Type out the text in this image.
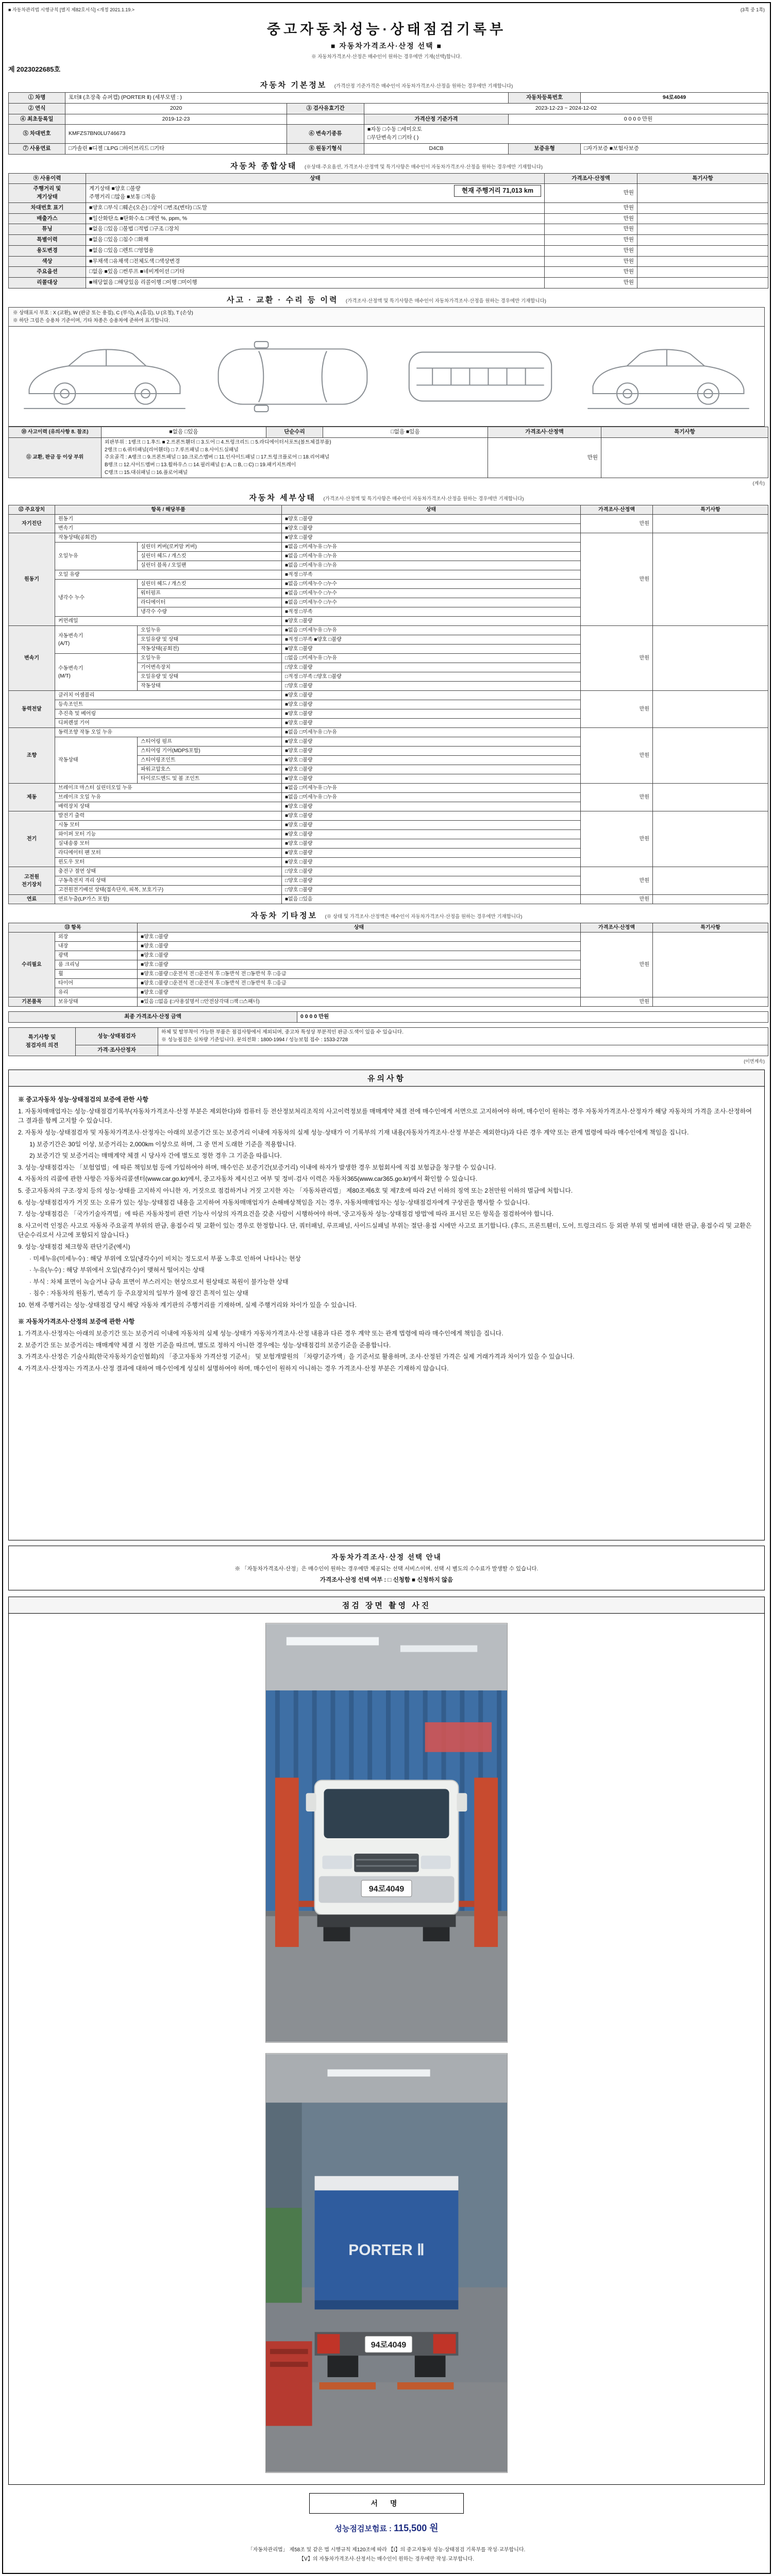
■ 자동차관리법 시행규칙 [별지 제82호서식] <개정 2021.1.19.>	(3쪽 중 1쪽)
중고자동차성능·상태점검기록부
■ 자동차가격조사·산정 선택 ■
※ 자동차가격조사·산정은 매수인이 원하는 경우에만 기재(선택)합니다.
제 2023022685호
자동차 기본정보 (가격산정 기준가격은 매수인이 자동차가격조사·산정을 원하는 경우에만 기재합니다)
① 차명	포터Ⅱ (초장축 슈퍼캡) (PORTER Ⅱ) (세부모델 : )			자동차등록번호	94로4049
② 연식	2020	③ 검사유효기간	2023-12-23 ~ 2024-12-02		
④ 최초등록일	2019-12-23		가격산정 기준가격	0 0 0 0 만원	
⑤ 차대번호	KMFZS7BN0LU746673	⑥ 변속기종류	■자동 □수동 □세미오토
□무단변속기 □기타 ( )		
⑦ 사용연료	□가솔린 ■디젤 □LPG □하이브리드 □기타	⑧ 원동기형식	D4CB	보증유형	□자가보증 ■보험사보증
자동차 종합상태 (※상태·주요옵션, 가격조사·산정액 및 특기사항은 매수인이 자동차가격조사·산정을 원하는 경우에만 기재합니다)
⑨ 사용이력	상태	가격조사·산정액	특기사항
주행거리 및
계기상태	현재 주행거리 71,013 km
계기상태 ■양호 □불량
주행거리 □많음 ■보통 □적음	만원	
차대번호 표기	■양호 □부식 □훼손(오손) □상이 □변조(변타) □도말	만원	
배출가스	■일산화탄소 ■탄화수소 □매연 %, ppm, %	만원	
튜닝	■없음 □있음 □불법 □적법 □구조 □장치	만원	
특별이력	■없음 □있음 □침수 □화재	만원	
용도변경	■없음 □있음 □렌트 □영업용	만원	
색상	■무채색 □유채색 □전체도색 □색상변경	만원	
주요옵션	□없음 ■있음 □썬루프 ■네비게이션 □기타	만원	
리콜대상	■해당없음 □해당있음 리콜이행 □이행 □미이행	만원	
사고 · 교환 · 수리 등 이력 (가격조사·산정액 및 특기사항은 매수인이 자동차가격조사·산정을 원하는 경우에만 기재합니다)
※ 상태표시 부호 : X (교환), W (판금 또는 용접), C (부식), A (흠집), U (요철), T (손상)
※ 하단 그림은 승용차 기준이며, 기타 차종은 승용차에 준하여 표기합니다.
⑩ 사고이력 (유의사항 8. 참조)	■없음 □있음	단순수리	□없음 ■있음	가격조사·산정액	특기사항
⑪ 교환, 판금 등 이상 부위	외판부위 : 1랭크 □ 1.후드 ■ 2.프론트휀더 □ 3.도어 □ 4.트렁크리드 □ 5.라디에이터서포트(볼트체결부품)
2랭크 □ 6.쿼터패널(리어휀더) □ 7.루프패널 □ 8.사이드실패널
주요골격 : A랭크 □ 9.프론트패널 □ 10.크로스멤버 □ 11.인사이드패널 □ 17.트렁크플로어 □ 18.리어패널
B랭크 □ 12.사이드멤버 □ 13.휠하우스 □ 14.필러패널 (□ A, □ B, □ C) □ 19.패키지트레이
C랭크 □ 15.대쉬패널 □ 16.플로어패널			만원	
(계속)
자동차 세부상태 (가격조사·산정액 및 특기사항은 매수인이 자동차가격조사·산정을 원하는 경우에만 기재합니다)
⑫ 주요장치	항목 / 해당부품		상태	가격조사·산정액	특기사항
자기진단	원동기		■양호 □불량	만원	
	변속기		■양호 □불량		
원동기	작동상태(공회전)		■양호 □불량	만원	
	오일누유	실린더 커버(로커암 커버)	■없음 □미세누유 □누유		
		실린더 헤드 / 개스킷	■없음 □미세누유 □누유		
		실린더 블록 / 오일팬	■없음 □미세누유 □누유		
	오일 유량		■적정 □부족		
	냉각수 누수	실린더 헤드 / 개스킷	■없음 □미세누수 □누수		
		워터펌프	■없음 □미세누수 □누수		
		라디에이터	■없음 □미세누수 □누수		
		냉각수 수량	■적정 □부족		
	커먼레일		■양호 □불량		
변속기	자동변속기
(A/T)	오일누유	■없음 □미세누유 □누유	만원	
		오일유량 및 상태	■적정 □부족 ■양호 □불량		
		작동상태(공회전)	■양호 □불량		
	수동변속기
(M/T)	오일누유	□없음 □미세누유 □누유		
		기어변속장치	□양호 □불량		
		오일유량 및 상태	□적정 □부족 □양호 □불량		
		작동상태	□양호 □불량		
동력전달	클러치 어셈블리		■양호 □불량	만원	
	등속조인트		■양호 □불량		
	추진축 및 베어링		■양호 □불량		
	디퍼렌셜 기어		■양호 □불량		
조향	동력조향 작동 오일 누유		■없음 □미세누유 □누유	만원	
	작동상태	스티어링 펌프	■양호 □불량		
		스티어링 기어(MDPS포함)	■양호 □불량		
		스티어링조인트	■양호 □불량		
		파워고압호스	■양호 □불량		
		타이로드엔드 및 볼 조인트	■양호 □불량		
제동	브레이크 마스터 실린더오일 누유		■없음 □미세누유 □누유	만원	
	브레이크 오일 누유		■없음 □미세누유 □누유		
	배력장치 상태		■양호 □불량		
전기	발전기 출력		■양호 □불량	만원	
	시동 모터		■양호 □불량		
	와이퍼 모터 기능		■양호 □불량		
	실내송풍 모터		■양호 □불량		
	라디에이터 팬 모터		■양호 □불량		
	윈도우 모터		■양호 □불량		
고전원
전기장치	충전구 절연 상태		□양호 □불량	만원	
	구동축전지 격리 상태		□양호 □불량		
	고전원전기배선 상태(접속단자, 피복, 보호기구)		□양호 □불량		
연료	연료누출(LP가스 포함)		■없음 □있음	만원	
자동차 기타정보 (※ 상태 및 가격조사·산정액은 매수인이 자동차가격조사·산정을 원하는 경우에만 기재합니다)
⑬ 항목		상태	가격조사·산정액	특기사항
수리필요	외장	■양호 □불량	만원	
	내장	■양호 □불량		
	광택	■양호 □불량		
	룸 크리닝	■양호 □불량		
	휠	■양호 □불량 □운전석 전 □운전석 후 □동반석 전 □동반석 후 □응급		
	타이어	■양호 □불량 □운전석 전 □운전석 후 □동반석 전 □동반석 후 □응급		
	유리	■양호 □불량		
기본품목	보유상태	■있음 □없음 (□사용설명서 □안전삼각대 □잭 □스패너)	만원	
최종 가격조사·산정 금액	0 0 0 0 만원
특기사항 및
점검자의 의견	성능·상태점검자	하체 및 탈부착이 가능한 부품은 점검사항에서 제외되며, 중고차 특성상 부분적인 판금·도색이 있을 수 있습니다.
※ 성능점검은 실차량 기준입니다. 문의전화 : 1800-1994 / 성능보험 접수 : 1533-2728
	가격·조사산정자	
(이면계속)
유의사항

※ 중고자동차 성능·상태점검의 보증에 관한 사항

1. 자동차매매업자는 성능·상태점검기록부(자동차가격조사·산정 부분은 제외한다)와 컴퓨터 등 전산정보처리조직의 사고이력정보를 매매계약 체결 전에 매수인에게 서면으로 고지하여야 하며, 매수인이 원하는 경우 자동차가격조사·산정자가 해당 자동차의 가격을 조사·산정하여 그 결과를 함께 고지할 수 있습니다.

2. 자동차 성능·상태점검자 및 자동차가격조사·산정자는 아래의 보증기간 또는 보증거리 이내에 자동차의 실제 성능·상태가 이 기록부의 기재 내용(자동차가격조사·산정 부분은 제외한다)과 다른 경우 계약 또는 관계 법령에 따라 매수인에게 책임을 집니다.

1) 보증기간은 30일 이상, 보증거리는 2,000km 이상으로 하며, 그 중 먼저 도래한 기준을 적용합니다.

2) 보증기간 및 보증거리는 매매계약 체결 시 당사자 간에 별도로 정한 경우 그 기준을 따릅니다.

3. 성능·상태점검자는 「보험업법」에 따른 책임보험 등에 가입하여야 하며, 매수인은 보증기간(보증거리) 이내에 하자가 발생한 경우 보험회사에 직접 보험금을 청구할 수 있습니다.

4. 자동차의 리콜에 관한 사항은 자동차리콜센터(www.car.go.kr)에서, 중고자동차 제시신고 여부 및 정비·검사 이력은 자동차365(www.car365.go.kr)에서 확인할 수 있습니다.

5. 중고자동차의 구조·장치 등의 성능·상태를 고지하지 아니한 자, 거짓으로 점검하거나 거짓 고지한 자는 「자동차관리법」 제80조제6호 및 제7호에 따라 2년 이하의 징역 또는 2천만원 이하의 벌금에 처합니다.

6. 성능·상태점검자가 거짓 또는 오류가 있는 성능·상태점검 내용을 고지하여 자동차매매업자가 손해배상책임을 지는 경우, 자동차매매업자는 성능·상태점검자에게 구상권을 행사할 수 있습니다.

7. 성능·상태점검은 「국가기술자격법」에 따른 자동차정비 관련 기능사 이상의 자격요건을 갖춘 사람이 시행하여야 하며, '중고자동차 성능·상태점검 방법'에 따라 표시된 모든 항목을 점검하여야 합니다.

8. 사고이력 인정은 사고로 자동차 주요골격 부위의 판금, 용접수리 및 교환이 있는 경우로 한정합니다. 단, 쿼터패널, 루프패널, 사이드실패널 부위는 절단·용접 시에만 사고로 표기합니다. (후드, 프론트휀더, 도어, 트렁크리드 등 외판 부위 및 범퍼에 대한 판금, 용접수리 및 교환은 단순수리로서 사고에 포함되지 않습니다.)

9. 성능·상태점검 체크항목 판단기준(예시)

· 미세누유(미세누수) : 해당 부위에 오일(냉각수)이 비치는 정도로서 부품 노후로 인하여 나타나는 현상

· 누유(누수) : 해당 부위에서 오일(냉각수)이 맺혀서 떨어지는 상태

· 부식 : 차체 표면이 녹슬거나 금속 표면이 부스러지는 현상으로서 원상태로 복원이 불가능한 상태

· 침수 : 자동차의 원동기, 변속기 등 주요장치의 일부가 물에 잠긴 흔적이 있는 상태

10. 현재 주행거리는 성능·상태점검 당시 해당 자동차 계기판의 주행거리를 기재하며, 실제 주행거리와 차이가 있을 수 있습니다.

※ 자동차가격조사·산정의 보증에 관한 사항

1. 가격조사·산정자는 아래의 보증기간 또는 보증거리 이내에 자동차의 실제 성능·상태가 자동차가격조사·산정 내용과 다른 경우 계약 또는 관계 법령에 따라 매수인에게 책임을 집니다.

2. 보증기간 또는 보증거리는 매매계약 체결 시 정한 기준을 따르며, 별도로 정하지 아니한 경우에는 성능·상태점검의 보증기준을 준용합니다.

3. 가격조사·산정은 기술사회(한국자동차기술인협회)의 「중고자동차 가격산정 기준서」 및 보험개발원의 「차량기준가액」을 기준서로 활용하며, 조사·산정된 가격은 실제 거래가격과 차이가 있을 수 있습니다.

4. 가격조사·산정자는 가격조사·산정 결과에 대하여 매수인에게 성실히 설명하여야 하며, 매수인이 원하지 아니하는 경우 가격조사·산정 부분은 기재하지 않습니다.

자동차가격조사·산정 선택 안내
※ 「자동차가격조사·산정」은 매수인이 원하는 경우에만 제공되는 선택 서비스이며, 선택 시 별도의 수수료가 발생할 수 있습니다.
가격조사·산정 선택 여부 : □ 신청함 ■ 신청하지 않음
점검 장면 촬영 사진
94로4049
PORTER Ⅱ
94로4049
서 명
성능점검보험료 : 115,500 원
「자동차관리법」 제58조 및 같은 법 시행규칙 제120조에 따라 【Ⅰ】의 중고자동차 성능·상태점검 기록부를 작성·교부합니다.
【Ⅴ】의 자동차가격조사·산정서는 매수인이 원하는 경우에만 작성·교부합니다.
